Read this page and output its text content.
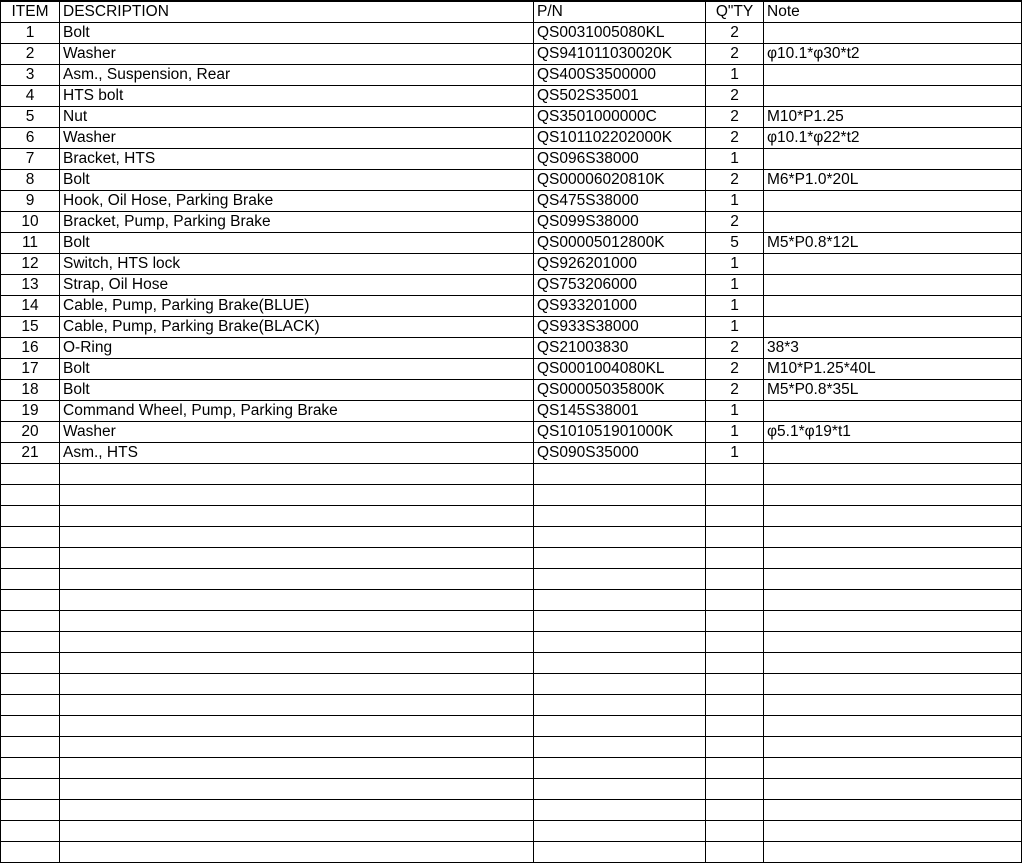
ITEM	DESCRIPTION	P/N	Q"TY	Note
1	Bolt	QS0031005080KL	2	
2	Washer	QS941011030020K	2	φ10.1*φ30*t2
3	Asm., Suspension, Rear	QS400S3500000	1	
4	HTS bolt	QS502S35001	2	
5	Nut	QS3501000000C	2	M10*P1.25
6	Washer	QS101102202000K	2	φ10.1*φ22*t2
7	Bracket, HTS	QS096S38000	1	
8	Bolt	QS00006020810K	2	M6*P1.0*20L
9	Hook, Oil Hose, Parking Brake	QS475S38000	1	
10	Bracket, Pump, Parking Brake	QS099S38000	2	
11	Bolt	QS00005012800K	5	M5*P0.8*12L
12	Switch, HTS lock	QS926201000	1	
13	Strap, Oil Hose	QS753206000	1	
14	Cable, Pump, Parking Brake(BLUE)	QS933201000	1	
15	Cable, Pump, Parking Brake(BLACK)	QS933S38000	1	
16	O-Ring	QS21003830	2	38*3
17	Bolt	QS0001004080KL	2	M10*P1.25*40L
18	Bolt	QS00005035800K	2	M5*P0.8*35L
19	Command Wheel, Pump, Parking Brake	QS145S38001	1	
20	Washer	QS101051901000K	1	φ5.1*φ19*t1
21	Asm., HTS	QS090S35000	1	
